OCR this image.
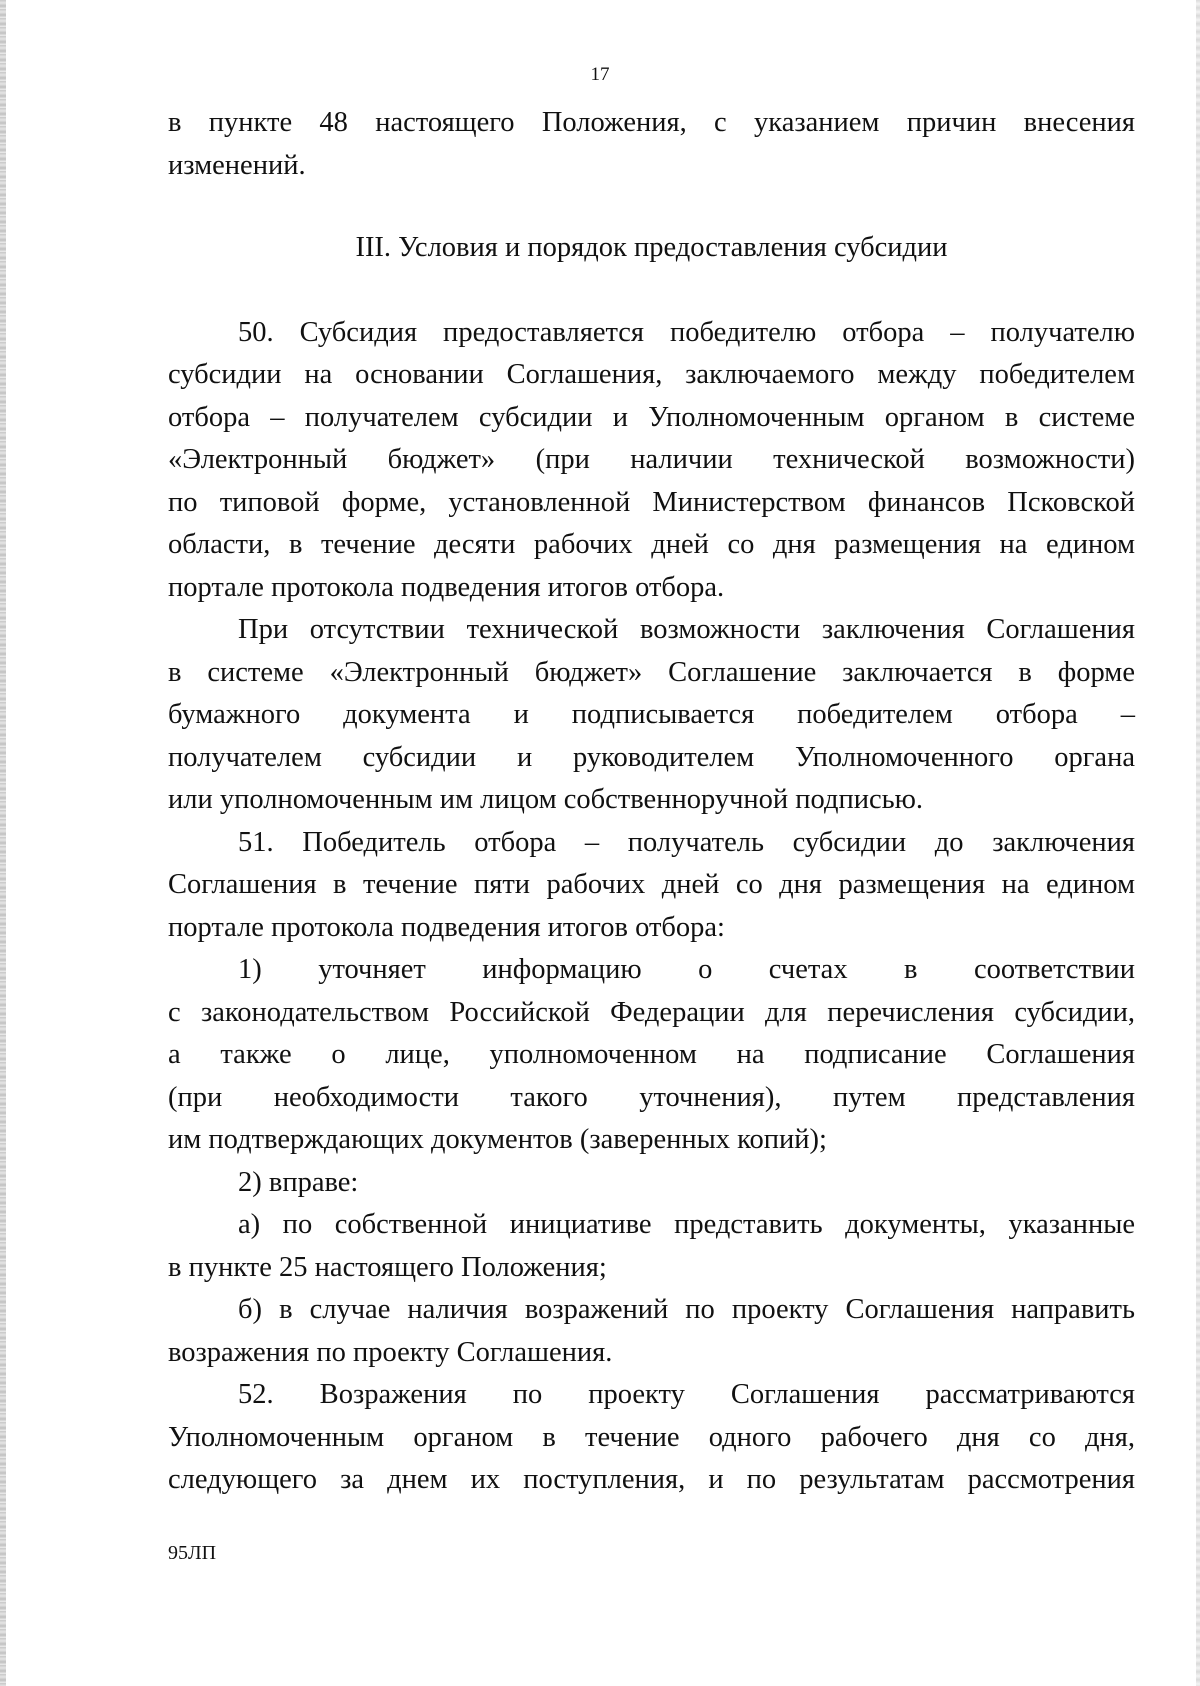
17
в пункте 48 настоящего Положения, с указанием причин внесения
изменений.
III. Условия и порядок предоставления субсидии
50. Субсидия предоставляется победителю отбора – получателю
субсидии на основании Соглашения, заключаемого между победителем
отбора – получателем субсидии и Уполномоченным органом в системе
«Электронный бюджет» (при наличии технической возможности)
по типовой форме, установленной Министерством финансов Псковской
области, в течение десяти рабочих дней со дня размещения на едином
портале протокола подведения итогов отбора.
При отсутствии технической возможности заключения Соглашения
в системе «Электронный бюджет» Соглашение заключается в форме
бумажного документа и подписывается победителем отбора –
получателем субсидии и руководителем Уполномоченного органа
или уполномоченным им лицом собственноручной подписью.
51. Победитель отбора – получатель субсидии до заключения
Соглашения в течение пяти рабочих дней со дня размещения на едином
портале протокола подведения итогов отбора:
1) уточняет информацию о счетах в соответствии
с законодательством Российской Федерации для перечисления субсидии,
а также о лице, уполномоченном на подписание Соглашения
(при необходимости такого уточнения), путем представления
им подтверждающих документов (заверенных копий);
2) вправе:
а) по собственной инициативе представить документы, указанные
в пункте 25 настоящего Положения;
б) в случае наличия возражений по проекту Соглашения направить
возражения по проекту Соглашения.
52. Возражения по проекту Соглашения рассматриваются
Уполномоченным органом в течение одного рабочего дня со дня,
следующего за днем их поступления, и по результатам рассмотрения
95ЛП
